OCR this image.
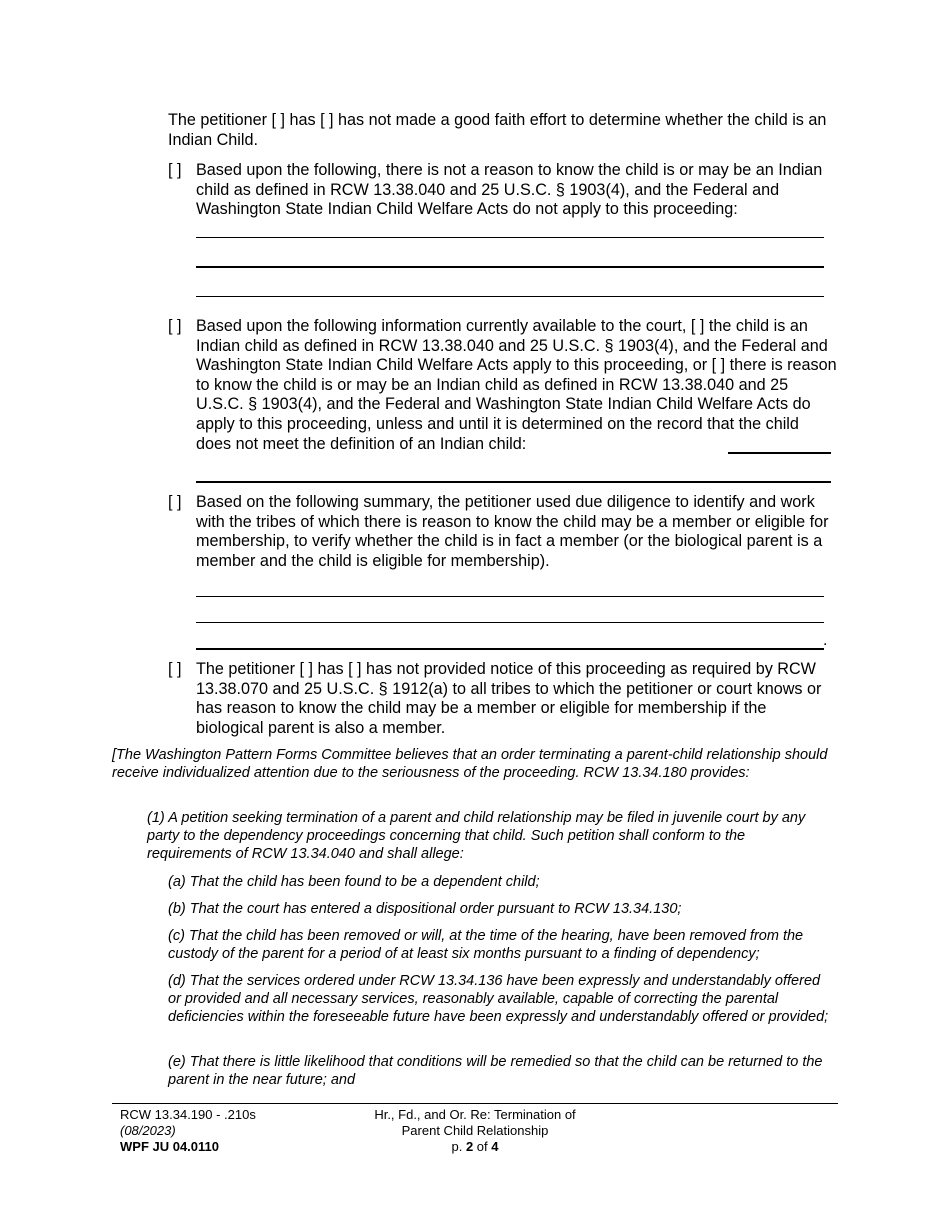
The petitioner [ ] has [ ] has not made a good faith effort to determine whether the child is an Indian Child.

[ ] Based upon the following, there is not a reason to know the child is or may be an Indian child as defined in RCW 13.38.040 and 25 U.S.C. § 1903(4), and the Federal and Washington State Indian Child Welfare Acts do not apply to this proceeding:
[ ] Based upon the following information currently available to the court, [ ] the child is an Indian child as defined in RCW 13.38.040 and 25 U.S.C. § 1903(4), and the Federal and Washington State Indian Child Welfare Acts apply to this proceeding, or [ ] there is reason to know the child is or may be an Indian child as defined in RCW 13.38.040 and 25 U.S.C. § 1903(4), and the Federal and Washington State Indian Child Welfare Acts do apply to this proceeding, unless and until it is determined on the record that the child does not meet the definition of an Indian child:
[ ] Based on the following summary, the petitioner used due diligence to identify and work with the tribes of which there is reason to know the child may be a member or eligible for membership, to verify whether the child is in fact a member (or the biological parent is a member and the child is eligible for membership).
.
[ ] The petitioner [ ] has [ ] has not provided notice of this proceeding as required by RCW 13.38.070 and 25 U.S.C. § 1912(a) to all tribes to which the petitioner or court knows or has reason to know the child may be a member or eligible for membership if the biological parent is also a member.

[The Washington Pattern Forms Committee believes that an order terminating a parent-child relationship should receive individualized attention due to the seriousness of the proceeding. RCW 13.34.180 provides:

(1) A petition seeking termination of a parent and child relationship may be filed in juvenile court by any party to the dependency proceedings concerning that child. Such petition shall conform to the requirements of RCW 13.34.040 and shall allege:

(a) That the child has been found to be a dependent child;

(b) That the court has entered a dispositional order pursuant to RCW 13.34.130;

(c) That the child has been removed or will, at the time of the hearing, have been removed from the custody of the parent for a period of at least six months pursuant to a finding of dependency;

(d) That the services ordered under RCW 13.34.136 have been expressly and understandably offered or provided and all necessary services, reasonably available, capable of correcting the parental deficiencies within the foreseeable future have been expressly and understandably offered or provided;

(e) That there is little likelihood that conditions will be remedied so that the child can be returned to the parent in the near future; and

RCW 13.34.190 - .210s
(08/2023)
WPF JU 04.0110
Hr., Fd., and Or. Re: Termination of
Parent Child Relationship
p. 2 of 4
